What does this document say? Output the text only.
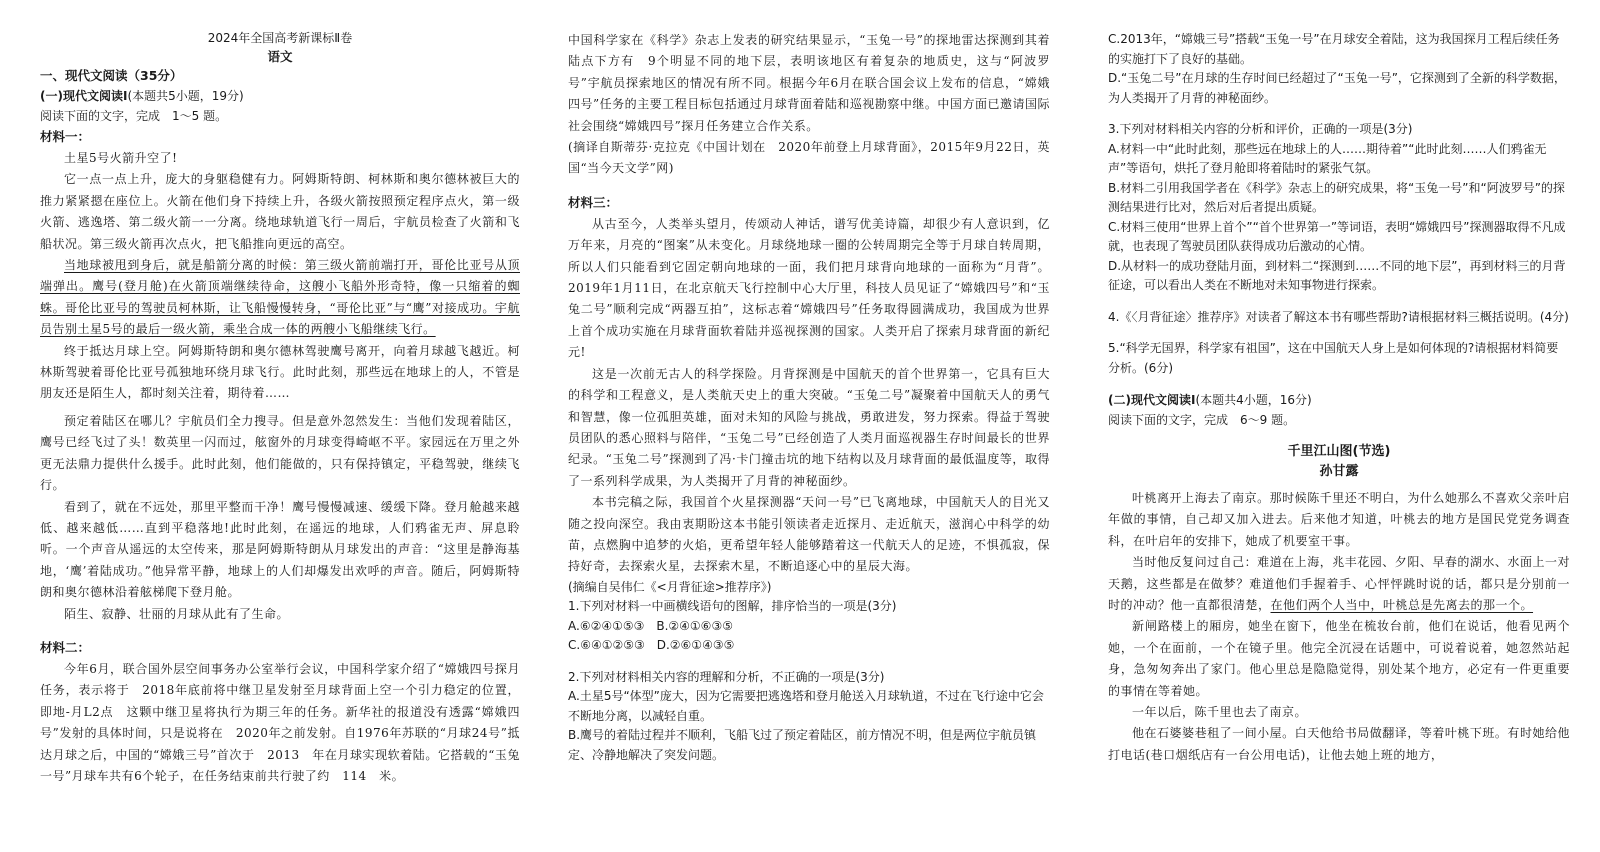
2024年全国高考新课标Ⅱ卷
语文
一、现代文阅读（35分）
(一)现代文阅读Ⅰ(本题共5小题，19分)
阅读下面的文字，完成　1～5 题。
材料一：

土星5号火箭升空了!

它一点一点上升，庞大的身躯稳健有力。阿姆斯特朗、柯林斯和奥尔德林被巨大的推力紧紧摁在座位上。火箭在他们身下持续上升，各级火箭按照预定程序点火，第一级火箭、逃逸塔、第二级火箭一一分离。绕地球轨道飞行一周后，宇航员检查了火箭和飞船状况。第三级火箭再次点火，把飞船推向更远的高空。

当地球被甩到身后，就是船箭分离的时候：第三级火箭前端打开，哥伦比亚号从顶端弹出。鹰号(登月舱)在火箭顶端继续待命，这艘小飞船外形奇特，像一只缩着的蜘蛛。哥伦比亚号的驾驶员柯林斯，让飞船慢慢转身，“哥伦比亚”与“鹰”对接成功。宇航员告别土星5号的最后一级火箭，乘坐合成一体的两艘小飞船继续飞行。

终于抵达月球上空。阿姆斯特朗和奥尔德林驾驶鹰号离开，向着月球越飞越近。柯林斯驾驶着哥伦比亚号孤独地环绕月球飞行。此时此刻，那些远在地球上的人，不管是朋友还是陌生人，都时刻关注着，期待着……

预定着陆区在哪儿？宇航员们全力搜寻。但是意外忽然发生：当他们发现着陆区，鹰号已经飞过了头！数英里一闪而过，舷窗外的月球变得崎岖不平。家园远在万里之外更无法鼎力提供什么援手。此时此刻，他们能做的，只有保持镇定，平稳驾驶，继续飞行。

看到了，就在不远处，那里平整而干净！鹰号慢慢减速、缓缓下降。登月舱越来越低、越来越低……直到平稳落地!此时此刻，在遥远的地球，人们鸦雀无声、屏息聆听。一个声音从遥远的太空传来，那是阿姆斯特朗从月球发出的声音：“这里是静海基地，‘鹰’着陆成功。”他异常平静，地球上的人们却爆发出欢呼的声音。随后，阿姆斯特朗和奥尔德林沿着舷梯爬下登月舱。

陌生、寂静、壮丽的月球从此有了生命。

材料二：

今年6月，联合国外层空间事务办公室举行会议，中国科学家介绍了“嫦娥四号探月任务，表示将于　2018年底前将中继卫星发射至月球背面上空一个引力稳定的位置，即地-月L2点　这颗中继卫星将执行为期三年的任务。新华社的报道没有透露“嫦娥四号”发射的具体时间，只是说将在　2020年之前发射。自1976年苏联的“月球24号”抵达月球之后，中国的“嫦娥三号”首次于　2013　年在月球实现软着陆。它搭载的“玉兔一号”月球车共有6个轮子，在任务结束前共行驶了约　114　米。

中国科学家在《科学》杂志上发表的研究结果显示，“玉兔一号”的探地雷达探测到其着陆点下方有　9个明显不同的地下层，表明该地区有着复杂的地质史，这与“阿波罗号”宇航员探索地区的情况有所不同。根据今年6月在联合国会议上发布的信息，“嫦娥四号”任务的主要工程目标包括通过月球背面着陆和巡视勘察中继。中国方面已邀请国际社会围绕“嫦娥四号”探月任务建立合作关系。

(摘译自斯蒂芬·克拉克《中国计划在　2020年前登上月球背面》，2015年9月22日，英国“当今天文学”网)

材料三：

从古至今，人类举头望月，传颂动人神话，谱写优美诗篇，却很少有人意识到，亿万年来，月亮的“图案”从未变化。月球绕地球一圈的公转周期完全等于月球自转周期，所以人们只能看到它固定朝向地球的一面，我们把月球背向地球的一面称为“月背”。2019年1月11日，在北京航天飞行控制中心大厅里，科技人员见证了“嫦娥四号”和“玉兔二号”顺利完成“两器互拍”，这标志着“嫦娥四号”任务取得圆满成功，我国成为世界上首个成功实施在月球背面软着陆并巡视探测的国家。人类开启了探索月球背面的新纪元!

这是一次前无古人的科学探险。月背探测是中国航天的首个世界第一，它具有巨大的科学和工程意义，是人类航天史上的重大突破。“玉兔二号”凝聚着中国航天人的勇气和智慧，像一位孤胆英雄，面对未知的风险与挑战，勇敢进发，努力探索。得益于驾驶员团队的悉心照料与陪伴，“玉兔二号”已经创造了人类月面巡视器生存时间最长的世界纪录。“玉兔二号”探测到了冯·卡门撞击坑的地下结构以及月球背面的最低温度等，取得了一系列科学成果，为人类揭开了月背的神秘面纱。

本书完稿之际，我国首个火星探测器“天问一号”已飞离地球，中国航天人的目光又随之投向深空。我由衷期盼这本书能引领读者走近探月、走近航天，滋润心中科学的幼苗，点燃胸中追梦的火焰，更希望年轻人能够踏着这一代航天人的足迹，不惧孤寂，保持好奇，去探索火星，去探索木星，不断追逐心中的星辰大海。

(摘编自吴伟仁《<月背征途>推荐序》)

1.下列对材料一中画横线语句的图解，排序恰当的一项是(3分)

A.⑥②④①⑤③　B.②④①⑥③⑤

C.⑥④①②⑤③　D.②⑥①④③⑤

2.下列对材料相关内容的理解和分析，不正确的一项是(3分)

A.土星5号“体型”庞大，因为它需要把逃逸塔和登月舱送入月球轨道，不过在飞行途中它会不断地分离，以减轻自重。

B.鹰号的着陆过程并不顺利，飞船飞过了预定着陆区，前方情况不明，但是两位宇航员镇定、冷静地解决了突发问题。

C.2013年，“嫦娥三号”搭载“玉兔一号”在月球安全着陆，这为我国探月工程后续任务的实施打下了良好的基础。

D.“玉兔二号”在月球的生存时间已经超过了“玉兔一号”，它探测到了全新的科学数据，为人类揭开了月背的神秘面纱。

3.下列对材料相关内容的分析和评价，正确的一项是(3分)

A.材料一中“此时此刻，那些远在地球上的人……期待着”“此时此刻……人们鸦雀无声”等语句，烘托了登月舱即将着陆时的紧张气氛。

B.材料二引用我国学者在《科学》杂志上的研究成果，将“玉兔一号”和“阿波罗号”的探测结果进行比对，然后对后者提出质疑。

C.材料三使用“世界上首个”“首个世界第一”等词语，表明“嫦娥四号”探测器取得不凡成就，也表现了驾驶员团队获得成功后激动的心情。

D.从材料一的成功登陆月面，到材料二“探测到……不同的地下层”，再到材料三的月背征途，可以看出人类在不断地对未知事物进行探索。

4.《〈月背征途〉推荐序》对读者了解这本书有哪些帮助?请根据材料三概括说明。(4分)

5.“科学无国界，科学家有祖国”，这在中国航天人身上是如何体现的?请根据材料简要分析。(6分)

(二)现代文阅读Ⅰ(本题共4小题，16分)
阅读下面的文字，完成　6～9 题。
千里江山图(节选)
孙甘露

叶桃离开上海去了南京。那时候陈千里还不明白，为什么她那么不喜欢父亲叶启年做的事情，自己却又加入进去。后来他才知道，叶桃去的地方是国民党党务调查科，在叶启年的安排下，她成了机要室干事。

当时他反复问过自己：难道在上海，兆丰花园、夕阳、早春的湖水、水面上一对天鹅，这些都是在做梦？难道他们手握着手、心怦怦跳时说的话，都只是分别前一时的冲动？他一直都很清楚，在他们两个人当中，叶桃总是先离去的那一个。

新闸路楼上的厢房，她坐在窗下，他坐在梳妆台前，他们在说话，他看见两个她，一个在面前，一个在镜子里。他完全沉浸在话题中，可说着说着，她忽然站起身，急匆匆奔出了家门。他心里总是隐隐觉得，别处某个地方，必定有一件更重要的事情在等着她。

一年以后，陈千里也去了南京。

他在石婆婆巷租了一间小屋。白天他给书局做翻译，等着叶桃下班。有时她给他打电话(巷口烟纸店有一台公用电话)，让他去她上班的地方，
